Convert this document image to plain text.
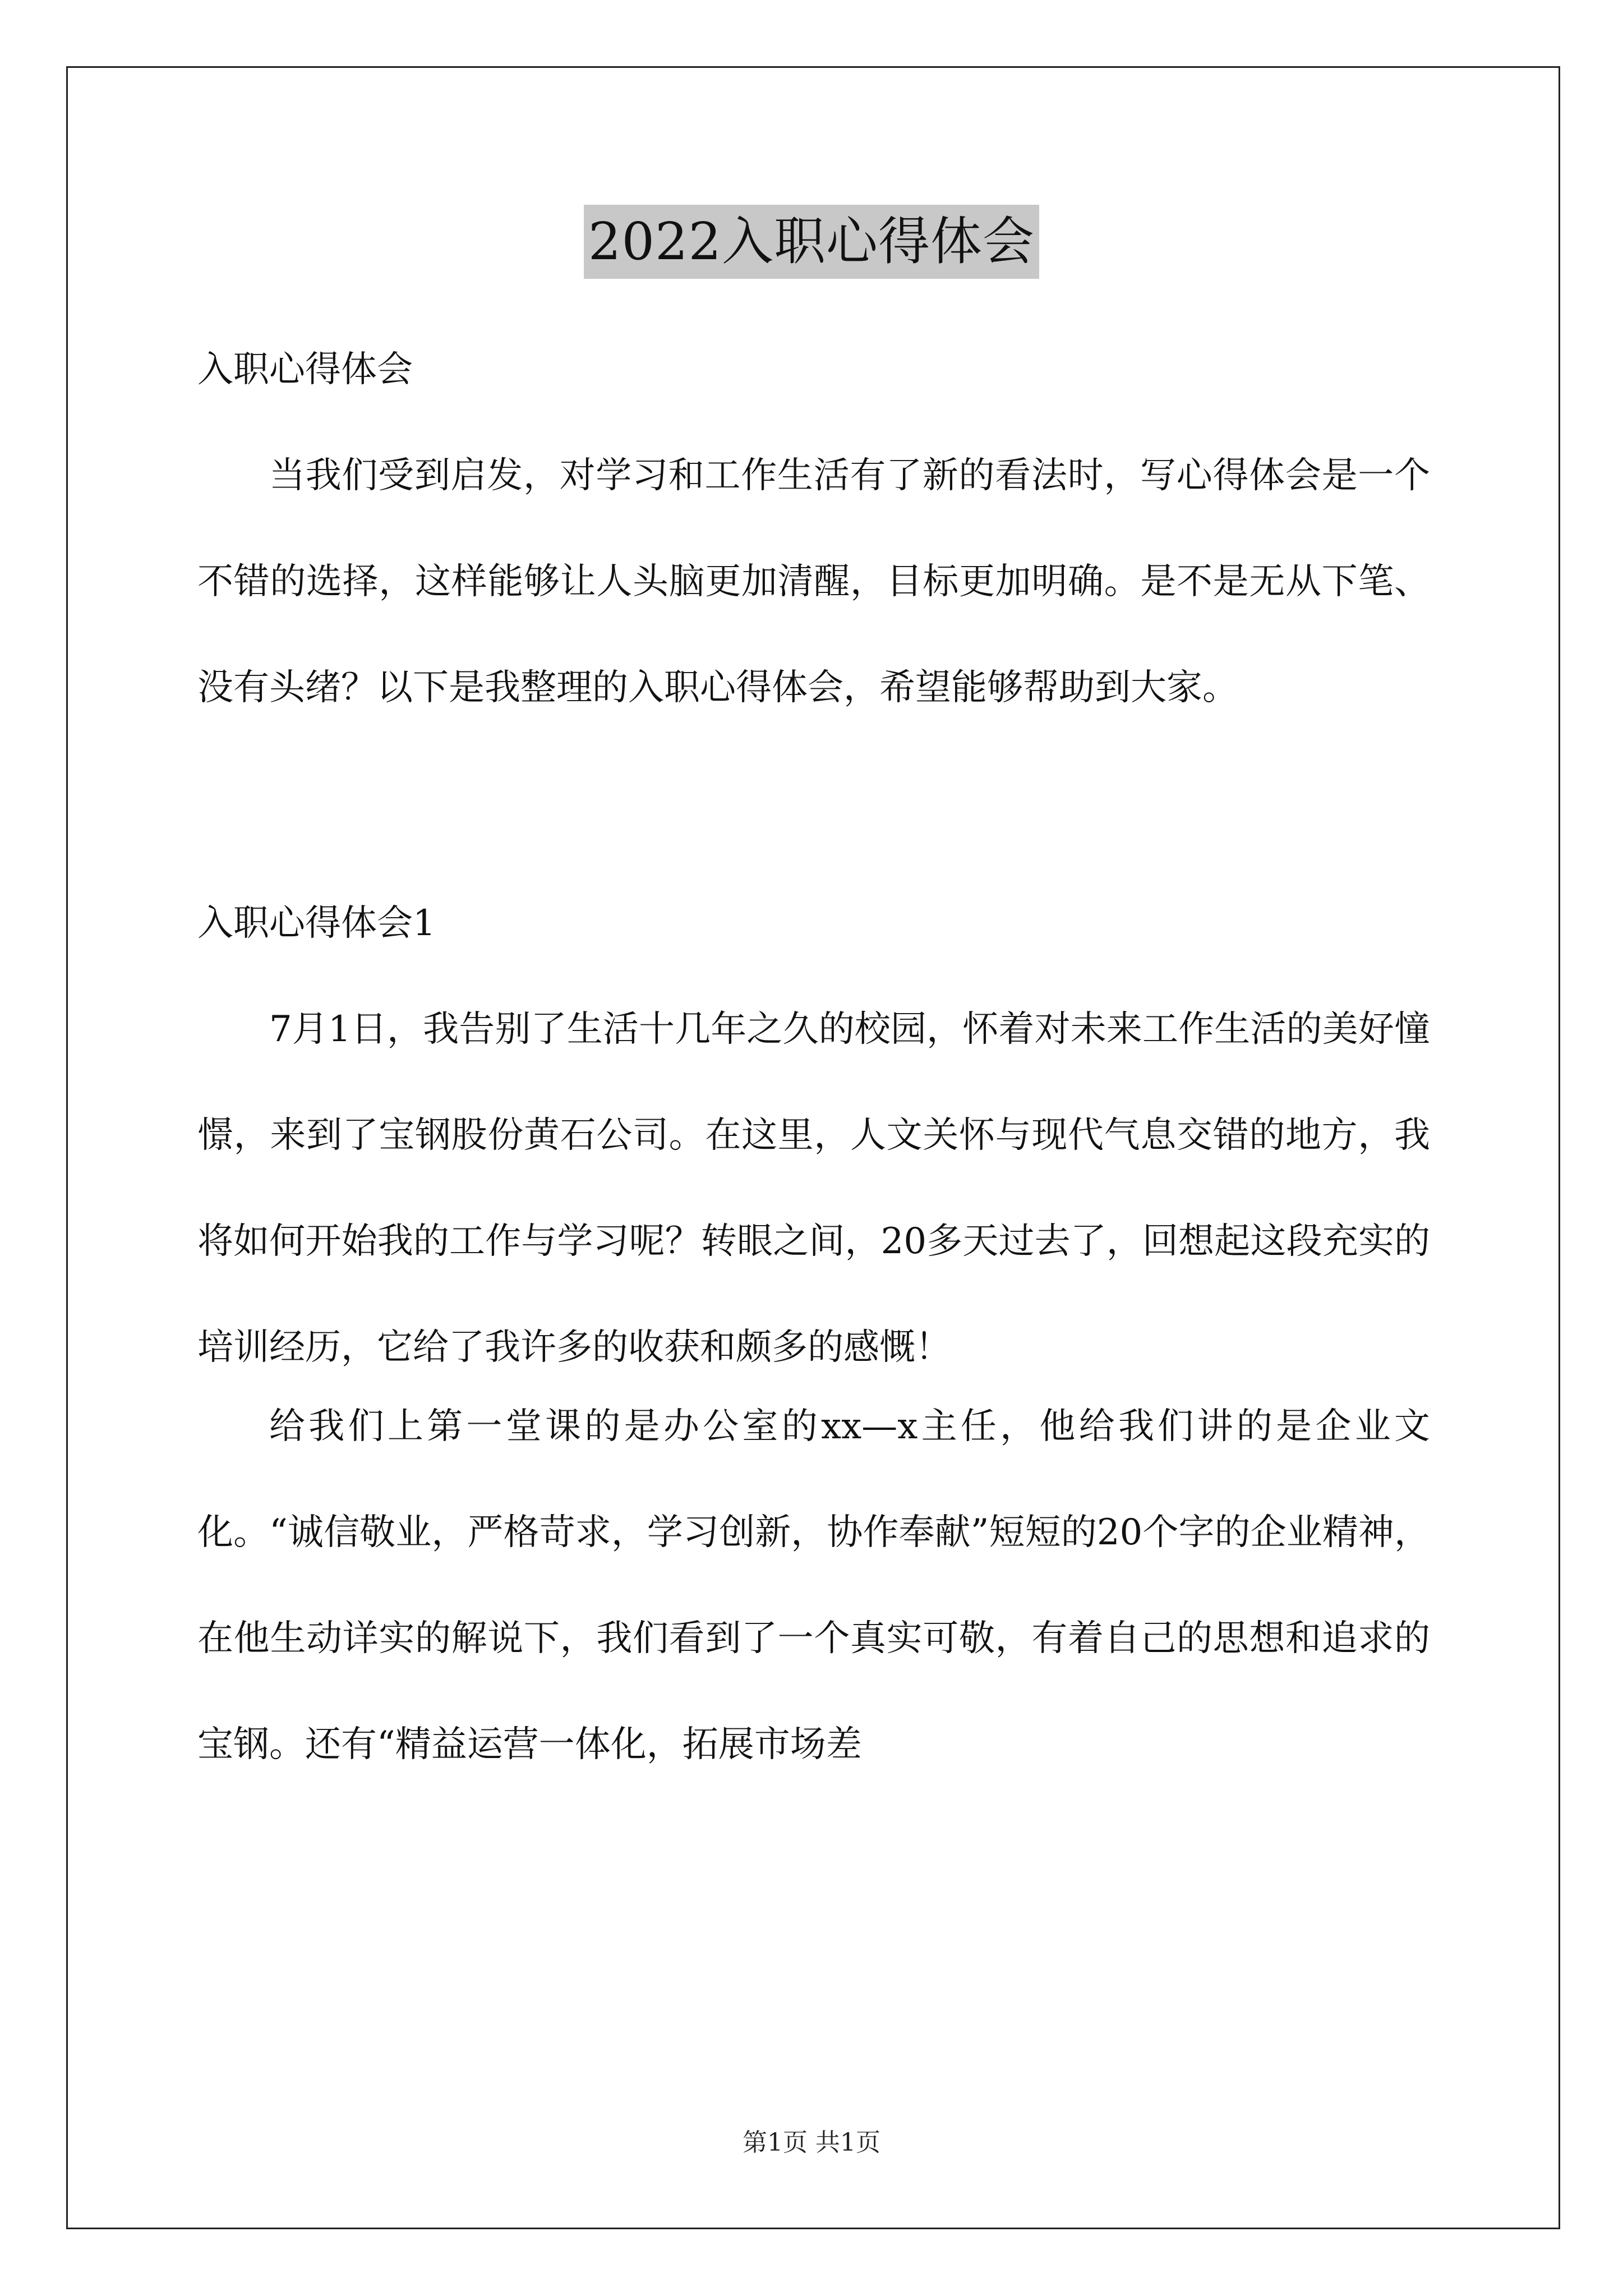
2022入职心得体会
入职心得体会

当我们受到启发，对学习和工作生活有了新的看法时，写心得体会是一个不错的选择，这样能够让人头脑更加清醒，目标更加明确。是不是无从下笔、没有头绪？以下是我整理的入职心得体会，希望能够帮助到大家。

入职心得体会1

7月1日，我告别了生活十几年之久的校园，怀着对未来工作生活的美好憧憬，来到了宝钢股份黄石公司。在这里，人文关怀与现代气息交错的地方，我将如何开始我的工作与学习呢？转眼之间，20多天过去了，回想起这段充实的培训经历，它给了我许多的收获和颇多的感慨！

给我们上第一堂课的是办公室的xx—x主任，他给我们讲的是企业文化。“诚信敬业，严格苛求，学习创新，协作奉献”短短的20个字的企业精神，在他生动详实的解说下，我们看到了一个真实可敬，有着自己的思想和追求的宝钢。还有“精益运营一体化，拓展市场差

第1页 共1页
